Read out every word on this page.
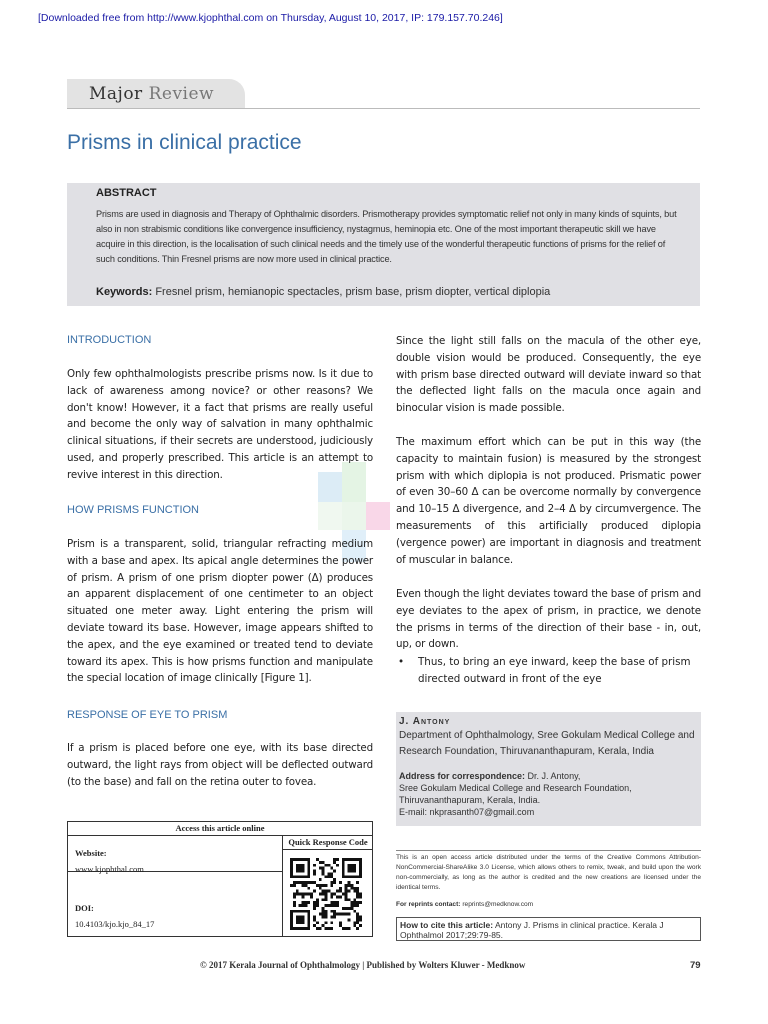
[Downloaded free from http://www.kjophthal.com on Thursday, August 10, 2017, IP: 179.157.70.246]
Major Review
Prisms in clinical practice
ABSTRACT
Prisms are used in diagnosis and Therapy of Ophthalmic disorders. Prismotherapy provides symptomatic relief not only in many kinds of squints, but also in non strabismic conditions like convergence insufficiency, nystagmus, heminopia etc. One of the most important therapeutic skill we have acquire in this direction, is the localisation of such clinical needs and the timely use of the wonderful therapeutic functions of prisms for the relief of such conditions. Thin Fresnel prisms are now more used in clinical practice.
Keywords: Fresnel prism, hemianopic spectacles, prism base, prism diopter, vertical diplopia
INTRODUCTION
Only few ophthalmologists prescribe prisms now. Is it due to lack of awareness among novice? or other reasons? We don't know! However, it a fact that prisms are really useful and become the only way of salvation in many ophthalmic clinical situations, if their secrets are understood, judiciously used, and properly prescribed. This article is an attempt to revive interest in this direction.
HOW PRISMS FUNCTION
Prism is a transparent, solid, triangular refracting medium with a base and apex. Its apical angle determines the power of prism. A prism of one prism diopter power (Δ) produces an apparent displacement of one centimeter to an object situated one meter away. Light entering the prism will deviate toward its base. However, image appears shifted to the apex, and the eye examined or treated tend to deviate toward its apex. This is how prisms function and manipulate the special location of image clinically [Figure 1].
RESPONSE OF EYE TO PRISM
If a prism is placed before one eye, with its base directed outward, the light rays from object will be deflected outward (to the base) and fall on the retina outer to fovea.
Since the light still falls on the macula of the other eye, double vision would be produced. Consequently, the eye with prism base directed outward will deviate inward so that the deflected light falls on the macula once again and binocular vision is made possible.
The maximum effort which can be put in this way (the capacity to maintain fusion) is measured by the strongest prism with which diplopia is not produced. Prismatic power of even 30–60 Δ can be overcome normally by convergence and 10–15 Δ divergence, and 2–4 Δ by circumvergence. The measurements of this artificially produced diplopia (vergence power) are important in diagnosis and treatment of muscular in balance.
Even though the light deviates toward the base of prism and eye deviates to the apex of prism, in practice, we denote the prisms in terms of the direction of their base - in, out, up, or down.
• Thus, to bring an eye inward, keep the base of prism directed outward in front of the eye
J. Antony
Department of Ophthalmology, Sree Gokulam Medical College and Research Foundation, Thiruvananthapuram, Kerala, India
Address for correspondence: Dr. J. Antony,
Sree Gokulam Medical College and Research Foundation,
Thiruvananthapuram, Kerala, India.
E-mail: nkprasanth07@gmail.com
This is an open access article distributed under the terms of the Creative Commons Attribution-NonCommercial-ShareAlike 3.0 License, which allows others to remix, tweak, and build upon the work non-commercially, as long as the author is credited and the new creations are licensed under the identical terms.
For reprints contact: reprints@medknow.com
How to cite this article: Antony J. Prisms in clinical practice. Kerala J Ophthalmol 2017;29:79-85.
Access this article online
Quick Response Code
Website:
www.kjophthal.com
DOI:
10.4103/kjo.kjo_84_17
© 2017 Kerala Journal of Ophthalmology | Published by Wolters Kluwer - Medknow	79
